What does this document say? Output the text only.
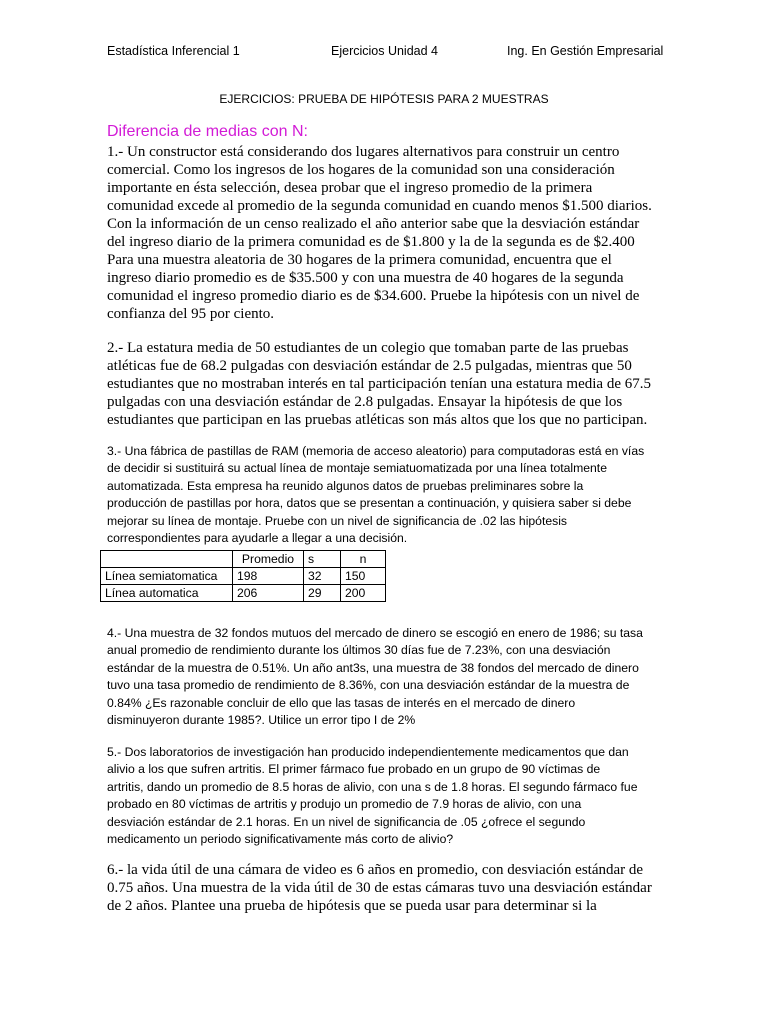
Estadística Inferencial 1	Ejercicios Unidad 4	Ing. En Gestión Empresarial
EJERCICIOS: PRUEBA DE HIPÓTESIS PARA 2 MUESTRAS
Diferencia de medias con N:
1.- Un constructor está considerando dos lugares alternativos para construir un centro
comercial. Como los ingresos de los hogares de la comunidad son una consideración
importante en ésta selección, desea probar que el ingreso promedio de la primera
comunidad excede al promedio de la segunda comunidad en cuando menos $1.500 diarios.
Con la información de un censo realizado el año anterior sabe que la desviación estándar
del ingreso diario de la primera comunidad es de $1.800 y la de la segunda es de $2.400
Para una muestra aleatoria de 30 hogares de la primera comunidad, encuentra que el
ingreso diario promedio es de $35.500 y con una muestra de 40 hogares de la segunda
comunidad el ingreso promedio diario es de $34.600. Pruebe la hipótesis con un nivel de
confianza del 95 por ciento.
2.- La estatura media de 50 estudiantes de un colegio que tomaban parte de las pruebas
atléticas fue de 68.2 pulgadas con desviación estándar de 2.5 pulgadas, mientras que 50
estudiantes que no mostraban interés en tal participación tenían una estatura media de 67.5
pulgadas con una desviación estándar de 2.8 pulgadas. Ensayar la hipótesis de que los
estudiantes que participan en las pruebas atléticas son más altos que los que no participan.
3.- Una fábrica de pastillas de RAM (memoria de acceso aleatorio) para computadoras está en vías
de decidir si sustituirá su actual línea de montaje semiatuomatizada por una línea totalmente
automatizada. Esta empresa ha reunido algunos datos de pruebas preliminares sobre la
producción de pastillas por hora, datos que se presentan a continuación, y quisiera saber si debe
mejorar su línea de montaje. Pruebe con un nivel de significancia de .02 las hipótesis
correspondientes para ayudarle a llegar a una decisión.
	Promedio	s	n
Línea semiatomatica	198	32	150
Línea automatica	206	29	200
4.- Una muestra de 32 fondos mutuos del mercado de dinero se escogió en enero de 1986; su tasa
anual promedio de rendimiento durante los últimos 30 días fue de 7.23%, con una desviación
estándar de la muestra de 0.51%. Un año ant3s, una muestra de 38 fondos del mercado de dinero
tuvo una tasa promedio de rendimiento de 8.36%, con una desviación estándar de la muestra de
0.84% ¿Es razonable concluir de ello que las tasas de interés en el mercado de dinero
disminuyeron durante 1985?. Utilice un error tipo I de 2%
5.- Dos laboratorios de investigación han producido independientemente medicamentos que dan
alivio a los que sufren artritis. El primer fármaco fue probado en un grupo de 90 víctimas de
artritis, dando un promedio de 8.5 horas de alivio, con una s de 1.8 horas. El segundo fármaco fue
probado en 80 víctimas de artritis y produjo un promedio de 7.9 horas de alivio, con una
desviación estándar de 2.1 horas. En un nivel de significancia de .05 ¿ofrece el segundo
medicamento un periodo significativamente más corto de alivio?
6.- la vida útil de una cámara de video es 6 años en promedio, con desviación estándar de
0.75 años. Una muestra de la vida útil de 30 de estas cámaras tuvo una desviación estándar
de 2 años. Plantee una prueba de hipótesis que se pueda usar para determinar si la
